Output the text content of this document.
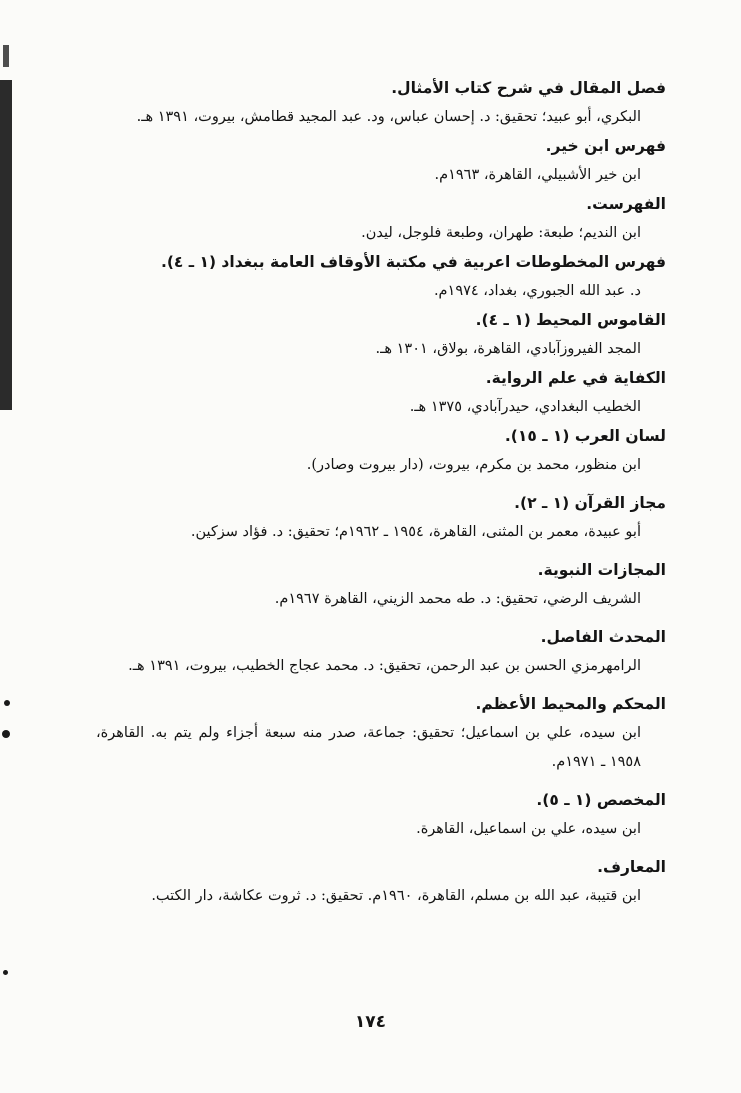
فصل المقال في شرح كتاب الأمثال.
البكري، أبو عبيد؛ تحقيق: د. إحسان عباس، ود. عبد المجيد قطامش، بيروت، ١٣٩١ هـ.
فهرس ابن خير.
ابن خير الأشبيلي، القاهرة، ١٩٦٣م.
الفهرست.
ابن النديم؛ طبعة: طهران، وطبعة فلوجل، ليدن.
فهرس المخطوطات اعربية في مكتبة الأوقاف العامة ببغداد (١ ـ ٤).
د. عبد الله الجبوري، بغداد، ١٩٧٤م.
القاموس المحيط (١ ـ ٤).
المجد الفيروزآبادي، القاهرة، بولاق، ١٣٠١ هـ.
الكفاية في علم الرواية.
الخطيب البغدادي، حيدرآبادي، ١٣٧٥ هـ.
لسان العرب (١ ـ ١٥).
ابن منظور، محمد بن مكرم، بيروت، (دار بيروت وصادر).
مجاز القرآن (١ ـ ٢).
أبو عبيدة، معمر بن المثنى، القاهرة، ١٩٥٤ ـ ١٩٦٢م؛ تحقيق: د. فؤاد سزكين.
المجازات النبوية.
الشريف الرضي، تحقيق: د. طه محمد الزيني، القاهرة ١٩٦٧م.
المحدث الفاصل.
الرامهرمزي الحسن بن عبد الرحمن، تحقيق: د. محمد عجاج الخطيب، بيروت، ١٣٩١ هـ.
المحكم والمحيط الأعظم.
ابن سيده، علي بن اسماعيل؛ تحقيق: جماعة، صدر منه سبعة أجزاء ولم يتم به. القاهرة، ١٩٥٨ ـ ١٩٧١م.
المخصص (١ ـ ٥).
ابن سيده، علي بن اسماعيل، القاهرة.
المعارف.
ابن قتيبة، عبد الله بن مسلم، القاهرة، ١٩٦٠م. تحقيق: د. ثروت عكاشة، دار الكتب.
١٧٤
